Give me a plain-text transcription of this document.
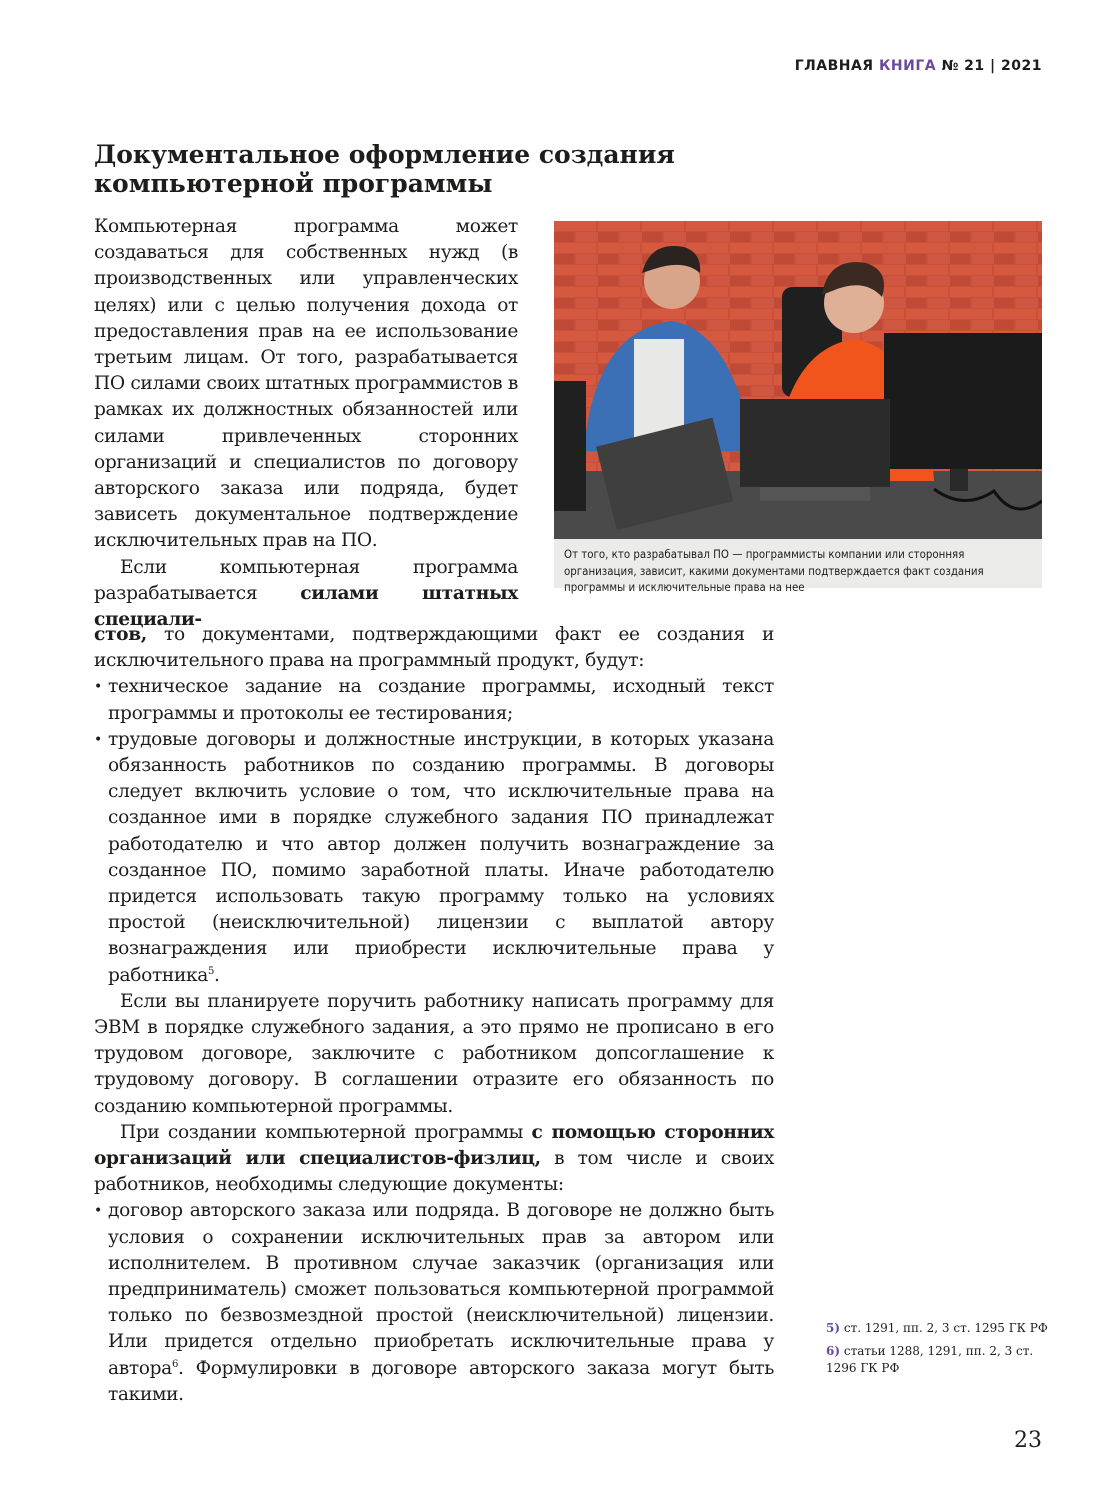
ГЛАВНАЯ КНИГА № 21 | 2021
Документальное оформление создания
компьютерной программы

Компьютерная программа может создаваться для собственных нужд (в производственных или управленческих целях) или с целью получения дохода от предоставления прав на ее использование третьим лицам. От того, разрабатывается ПО силами своих штатных программистов в рамках их должностных обязанностей или силами привлеченных сторонних организаций и специалистов по договору авторского заказа или подряда, будет зависеть документальное подтверждение исключительных прав на ПО.

Если компьютерная программа разрабатывается силами штатных специали-

От того, кто разрабатывал ПО — программисты компании или сторонняя организация, зависит, какими документами подтверждается факт создания программы и исключительные права на нее

стов, то документами, подтверждающими факт ее создания и исключительного права на программный продукт, будут:

• техническое задание на создание программы, исходный текст программы и протоколы ее тестирования;

• трудовые договоры и должностные инструкции, в которых указана обязанность работников по созданию программы. В договоры следует включить условие о том, что исключительные права на созданное ими в порядке служебного задания ПО принадлежат работодателю и что автор должен получить вознаграждение за созданное ПО, помимо заработной платы. Иначе работодателю придется использовать такую программу только на условиях простой (неисключительной) лицензии с выплатой автору вознаграждения или приобрести исключительные права у работника$^5$.

Если вы планируете поручить работнику написать программу для ЭВМ в порядке служебного задания, а это прямо не прописано в его трудовом договоре, заключите с работником допсоглашение к трудовому договору. В соглашении отразите его обязанность по созданию компьютерной программы.

При создании компьютерной программы с помощью сторонних организаций или специалистов-физлиц, в том числе и своих работников, необходимы следующие документы:

• договор авторского заказа или подряда. В договоре не должно быть условия о сохранении исключительных прав за автором или исполнителем. В противном случае заказчик (организация или предприниматель) сможет пользоваться компьютерной программой только по безвозмездной простой (неисключительной) лицензии. Или придется отдельно приобретать исключительные права у автора$^6$. Формулировки в договоре авторского заказа могут быть такими.

5) ст. 1291, пп. 2, 3 ст. 1295 ГК РФ
6) статьи 1288, 1291, пп. 2, 3 ст. 1296 ГК РФ
23
